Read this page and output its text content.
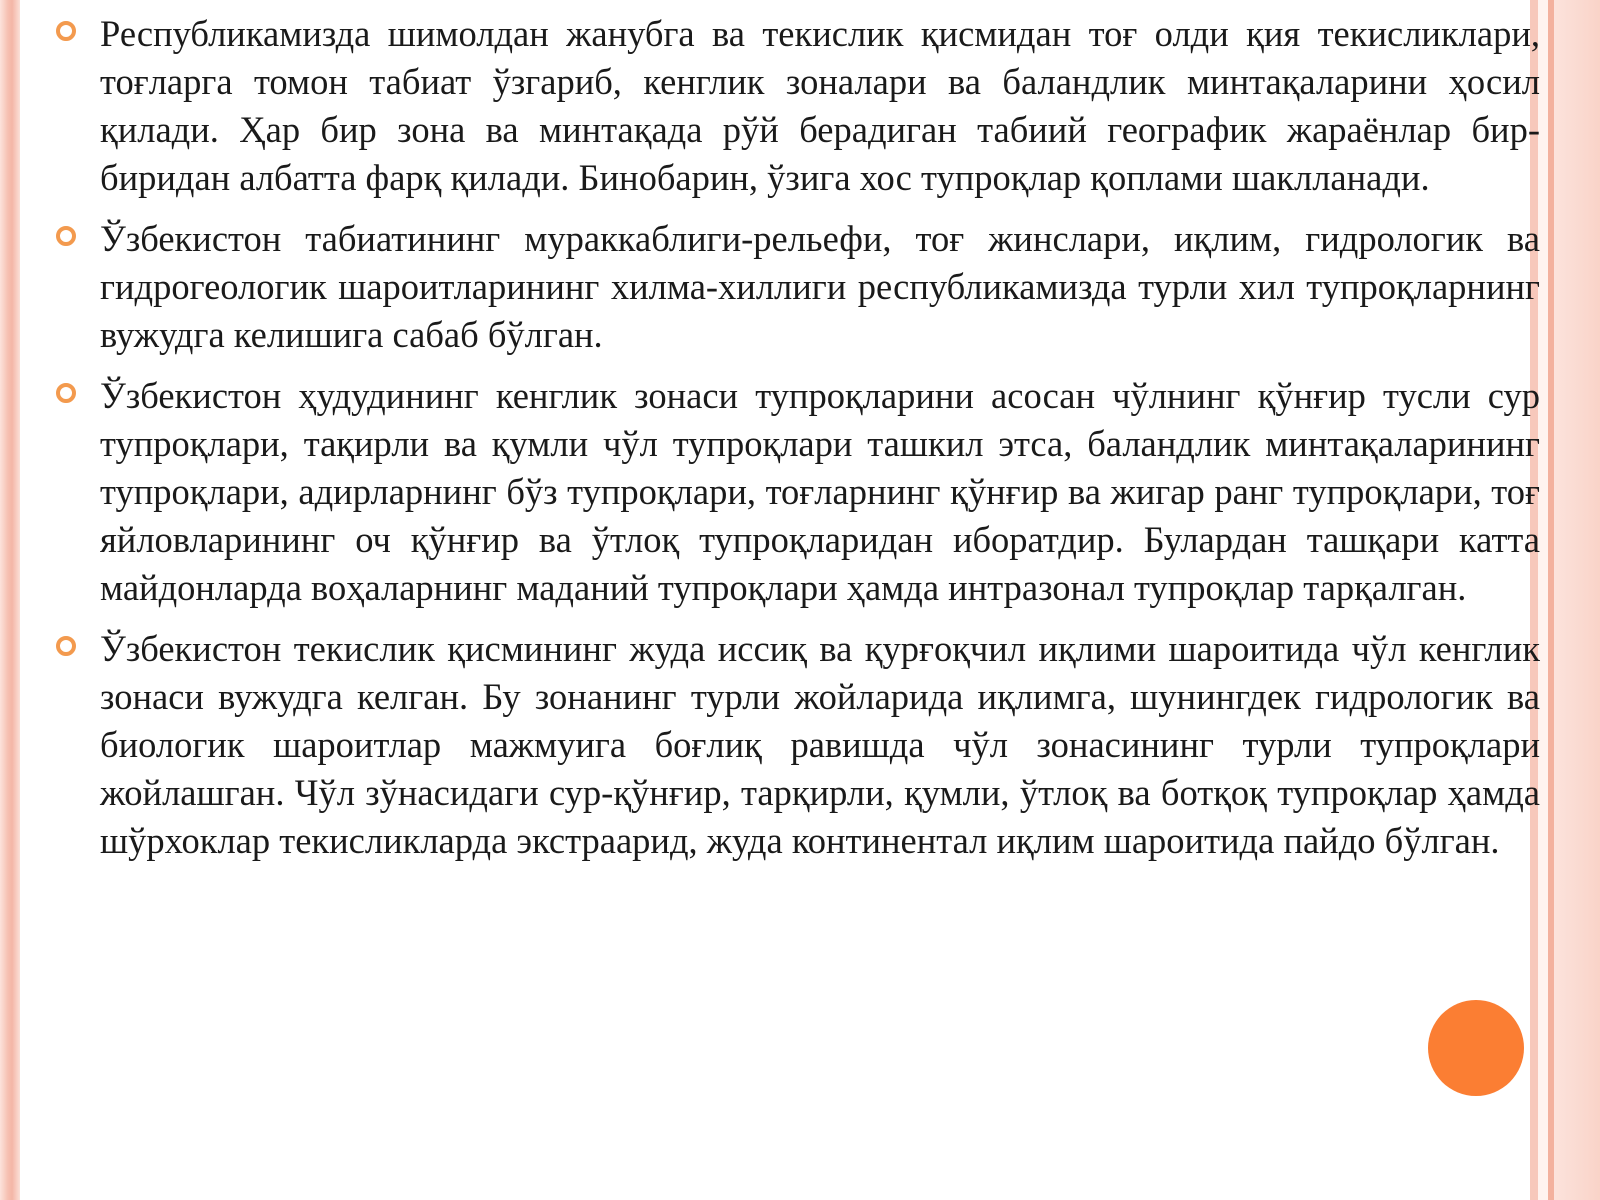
Республикамизда шимолдан жанубга ва текислик қисмидан тоғ олди қия текисликлари, тоғларга томон табиат ўзгариб, кенглик зоналари ва баландлик минтақаларини ҳосил қилади. Ҳар бир зона ва минтақада рўй берадиган табиий географик жараёнлар бир-биридан албатта фарқ қилади. Бинобарин, ўзига хос тупроқлар қоплами шаклланади.

Ўзбекистон табиатининг мураккаблиги-рельефи, тоғ жинслари, иқлим, гидрологик ва гидрогеологик шароитларининг хилма-хиллиги республикамизда турли хил тупроқларнинг вужудга келишига сабаб бўлган.

Ўзбекистон ҳудудининг кенглик зонаси тупроқларини асосан чўлнинг қўнғир тусли сур тупроқлари, тақирли ва қумли чўл тупроқлари ташкил этса, баландлик минтақаларининг тупроқлари, адирларнинг бўз тупроқлари, тоғларнинг қўнғир ва жигар ранг тупроқлари, тоғ яйловларининг оч қўнғир ва ўтлоқ тупроқларидан иборатдир. Булардан ташқари катта майдонларда воҳаларнинг маданий тупроқлари ҳамда интразонал тупроқлар тарқалган.

Ўзбекистон текислик қисмининг жуда иссиқ ва қурғоқчил иқлими шароитида чўл кенглик зонаси вужудга келган. Бу зонанинг турли жойларида иқлимга, шунингдек гидрологик ва биологик шароитлар мажмуига боғлиқ равишда чўл зонасининг турли тупроқлари жойлашган. Чўл зўнасидаги сур-қўнғир, тарқирли, қумли, ўтлоқ ва ботқоқ тупроқлар ҳамда шўрхоклар текисликларда экстраарид, жуда континентал иқлим шароитида пайдо бўлган.
